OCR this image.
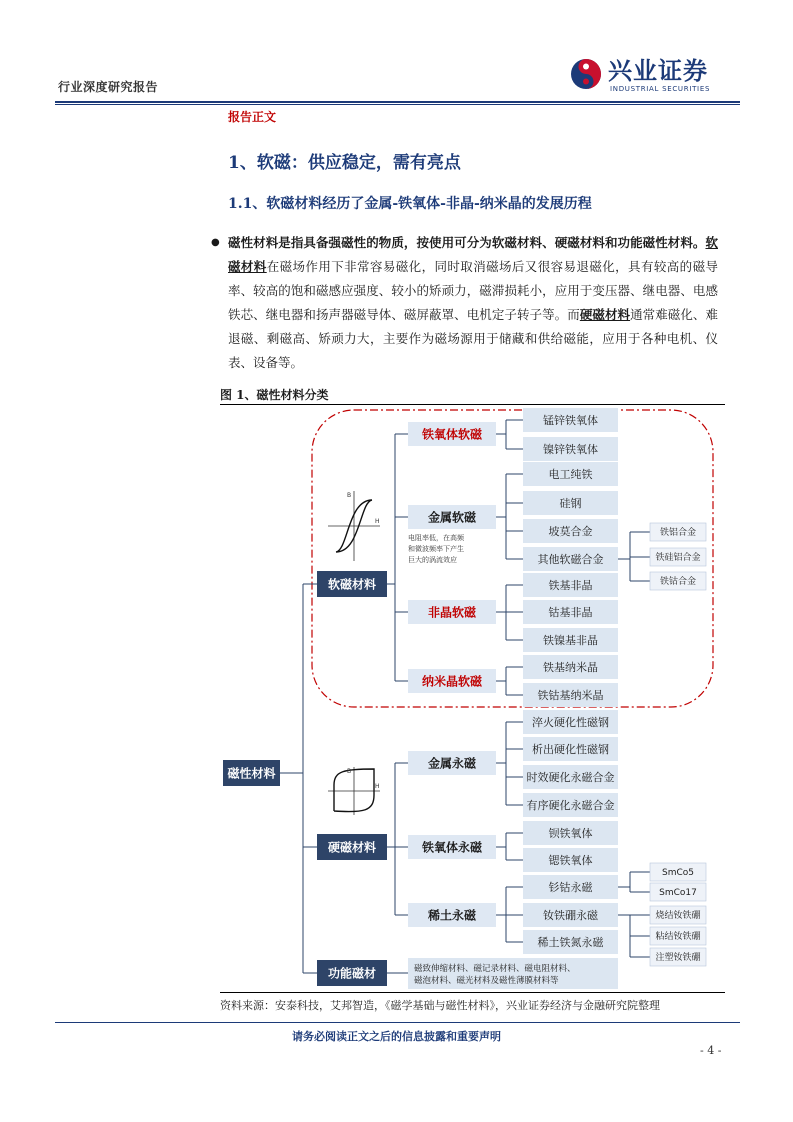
行业深度研究报告
兴业证券
INDUSTRIAL SECURITIES
报告正文
1、软磁：供应稳定，需有亮点
1.1、软磁材料经历了金属-铁氧体-非晶-纳米晶的发展历程
● 磁性材料是指具备强磁性的物质，按使用可分为软磁材料、硬磁材料和功能磁性材料。软磁材料在磁场作用下非常容易磁化，同时取消磁场后又很容易退磁化，具有较高的磁导率、较高的饱和磁感应强度、较小的矫顽力，磁滞损耗小，应用于变压器、继电器、电感铁芯、继电器和扬声器磁导体、磁屏蔽罩、电机定子转子等。而硬磁材料通常难磁化、难退磁、剩磁高、矫顽力大，主要作为磁场源用于储藏和供给磁能，应用于各种电机、仪表、设备等。
图 1、磁性材料分类
磁性材料
软磁材料
硬磁材料
功能磁材
铁氧体软磁
锰锌铁氧体
镍锌铁氧体
金属软磁
电工纯铁
硅钢
坡莫合金
其他软磁合金
非晶软磁
铁基非晶
钴基非晶
铁镍基非晶
纳米晶软磁
铁基纳米晶
铁钴基纳米晶
铁铝合金
铁硅铝合金
铁钴合金
电阻率低，在高频
和微波频率下产生
巨大的涡流效应
B
H
B
H
金属永磁
淬火硬化性磁钢
析出硬化性磁钢
时效硬化永磁合金
有序硬化永磁合金
铁氧体永磁
钡铁氧体
锶铁氧体
稀土永磁
钐钴永磁
钕铁硼永磁
稀土铁氮永磁
SmCo5
SmCo17
烧结钕铁硼
粘结钕铁硼
注塑钕铁硼
磁致伸缩材料、磁记录材料、磁电阻材料、
磁泡材料、磁光材料及磁性薄膜材料等
资料来源：安泰科技，艾邦智造，《磁学基础与磁性材料》，兴业证券经济与金融研究院整理
请务必阅读正文之后的信息披露和重要声明
- 4 -
